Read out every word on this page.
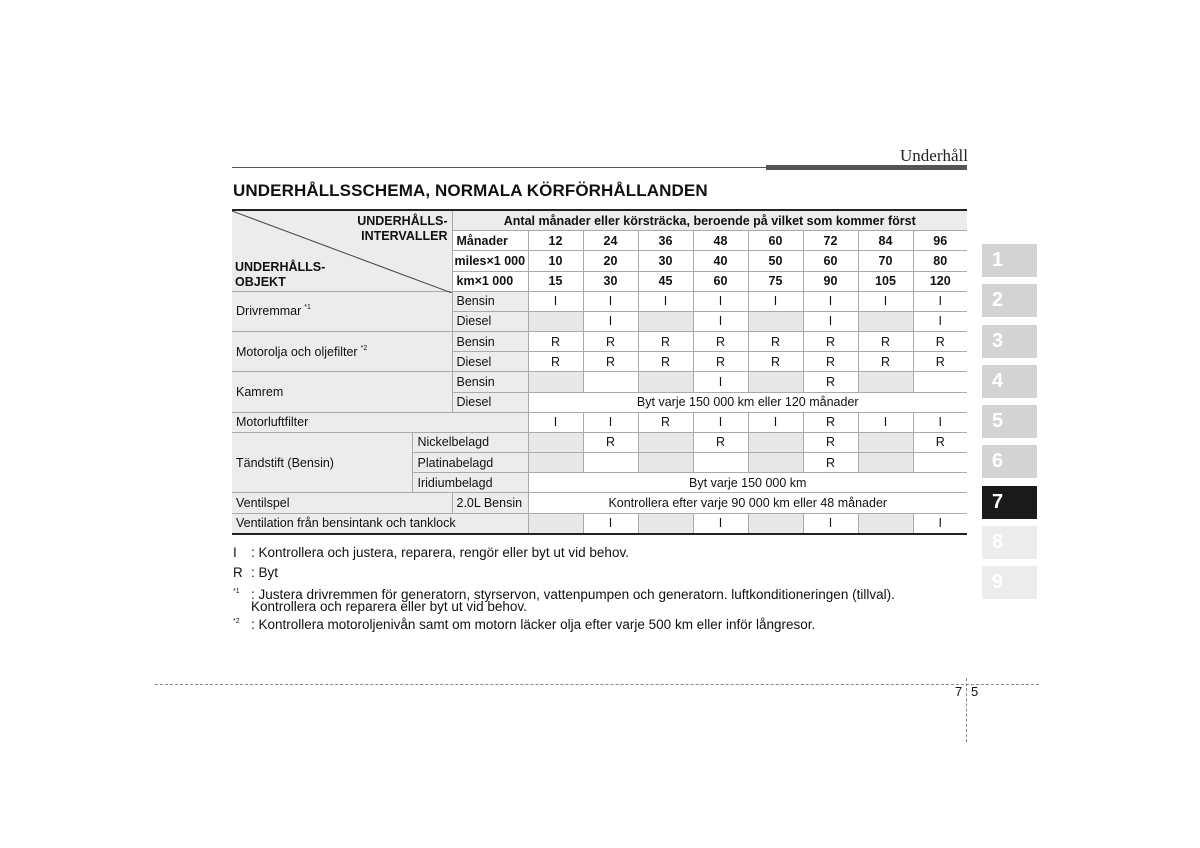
Underhåll
UNDERHÅLLSSCHEMA, NORMALA KÖRFÖRHÅLLANDEN
UNDERHÅLLS-
INTERVALLER
UNDERHÅLLS-
OBJEKT		Antal månader eller körsträcka, beroende på vilket som kommer först								
		Månader	12	24	36	48	60	72	84	96
		miles×1 000	10	20	30	40	50	60	70	80
		km×1 000	15	30	45	60	75	90	105	120
Drivremmar $^{*1}$		Bensin	I	I	I	I	I	I	I	I
		Diesel		I		I		I		I
Motorolja och oljefilter $^{*2}$		Bensin	R	R	R	R	R	R	R	R
		Diesel	R	R	R	R	R	R	R	R
Kamrem		Bensin				I		R		
		Diesel	Byt varje 150 000 km eller 120 månader							
Motorluftfilter			I	I	R	I	I	R	I	I
Tändstift (Bensin)	Nickelbelagd			R		R		R		R
	Platinabelagd							R		
	Iridiumbelagd		Byt varje 150 000 km							
Ventilspel		2.0L Bensin	Kontrollera efter varje 90 000 km eller 48 månader							
Ventilation från bensintank och tanklock				I		I		I		I
I : Kontrollera och justera, reparera, rengör eller byt ut vid behov.
R : Byt
$^{*1}$ : Justera drivremmen för generatorn, styrservon, vattenpumpen och generatorn. luftkonditioneringen (tillval).
Kontrollera och reparera eller byt ut vid behov.
$^{*2}$ : Kontrollera motoroljenivån samt om motorn läcker olja efter varje 500 km eller inför långresor.
1
2
3
4
5
6
7
8
9
7 5
